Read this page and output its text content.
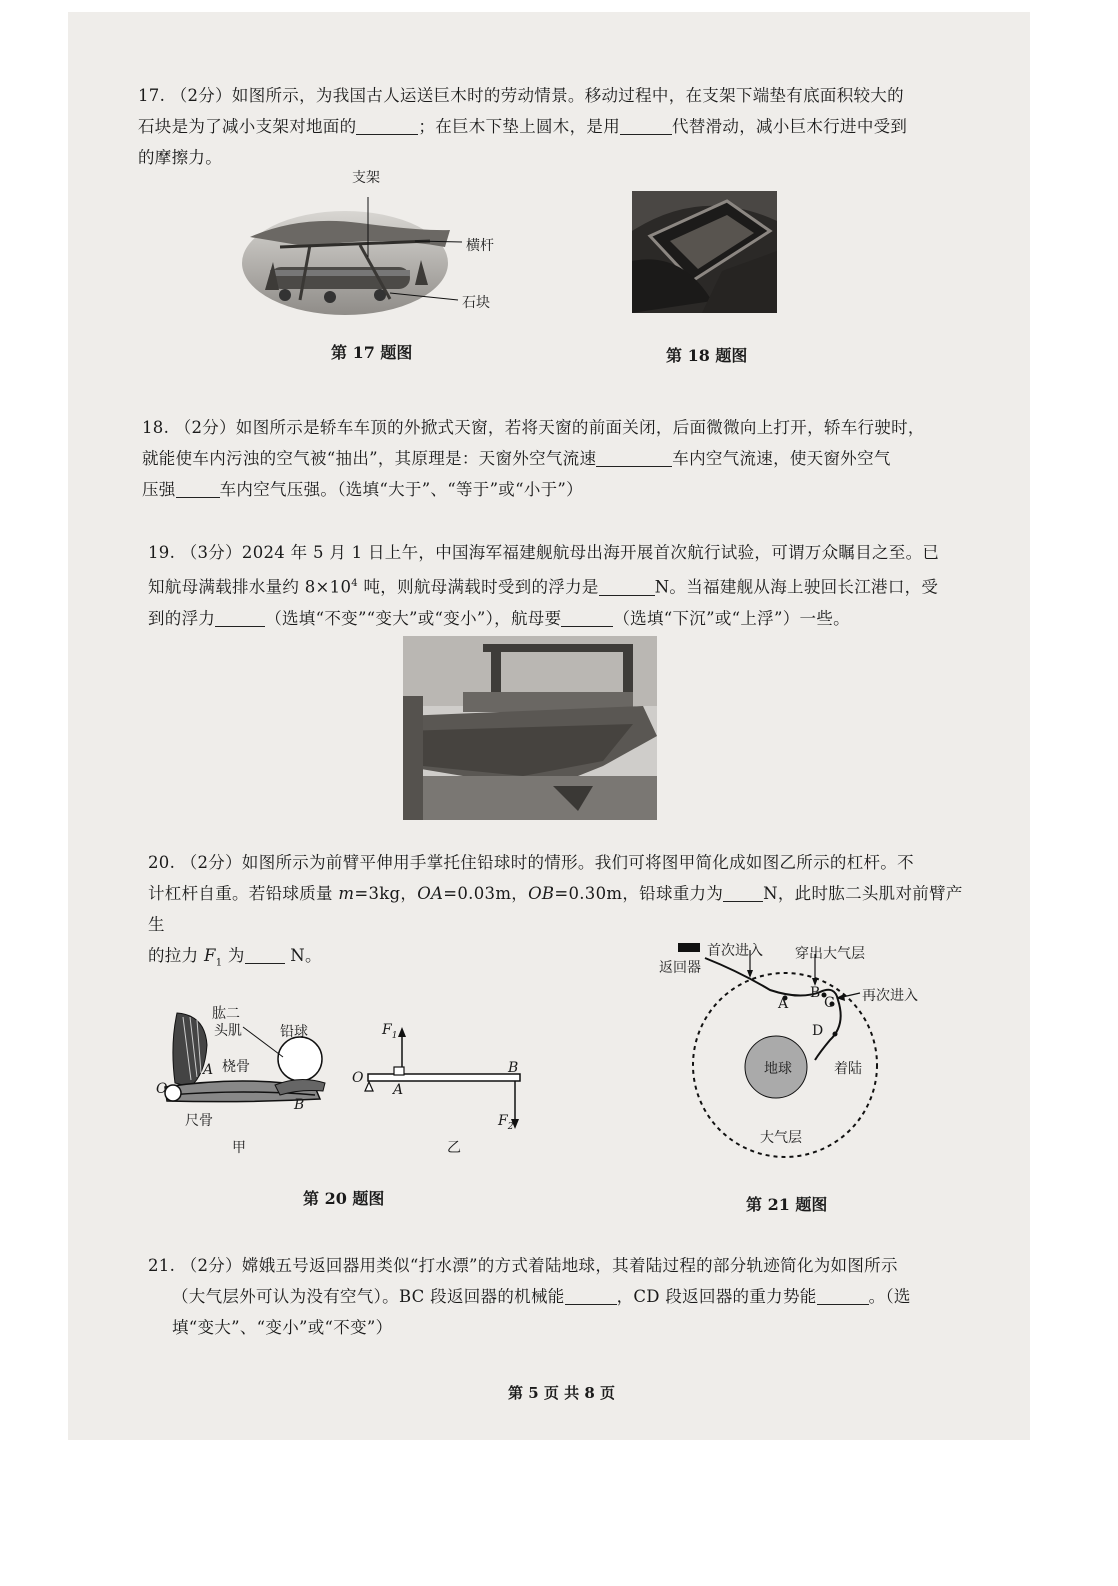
17. （2分）如图所示，为我国古人运送巨木时的劳动情景。移动过程中，在支架下端垫有底面积较大的
石块是为了减小支架对地面的	；在巨木下垫上圆木，是用	代替滑动，减小巨木行进中受到
的摩擦力。
支架
横杆
石块
第 17 题图	第 18 题图
18. （2分）如图所示是轿车车顶的外掀式天窗，若将天窗的前面关闭，后面微微向上打开，轿车行驶时，
就能使车内污浊的空气被“抽出”，其原理是：天窗外空气流速	车内空气流速，使天窗外空气
压强	车内空气压强。（选填“大于”、“等于”或“小于”）
19. （3分）2024 年 5 月 1 日上午，中国海军福建舰航母出海开展首次航行试验，可谓万众瞩目之至。已
知航母满载排水量约 $8\times 10^4$ 吨，则航母满载时受到的浮力是	N。当福建舰从海上驶回长江港口，受
到的浮力	（选填“不变”“变大”或“变小”），航母要	（选填“下沉”或“上浮”）一些。
20. （2分）如图所示为前臂平伸用手掌托住铅球时的情形。我们可将图甲简化成如图乙所示的杠杆。不
计杠杆自重。若铅球质量 m=3kg，OA=0.03m，OB=0.30m，铅球重力为 N，此时肱二头肌对前臂产生
的拉力 $F_1$ 为 N。
肱二
头肌	铅球
桡骨
A
O
B
尺骨
甲
$F_1$
O
A
B
$F_2$
乙
第 20 题图
首次进入 穿出大气层
返回器
再次进入
A
B
C
D
地球	着陆
大气层
第 21 题图
21. （2分）嫦娥五号返回器用类似“打水漂”的方式着陆地球，其着陆过程的部分轨迹简化为如图所示
（大气层外可认为没有空气）。BC 段返回器的机械能	，CD 段返回器的重力势能	。（选
填“变大”、“变小”或“不变”）
第 5 页 共 8 页
